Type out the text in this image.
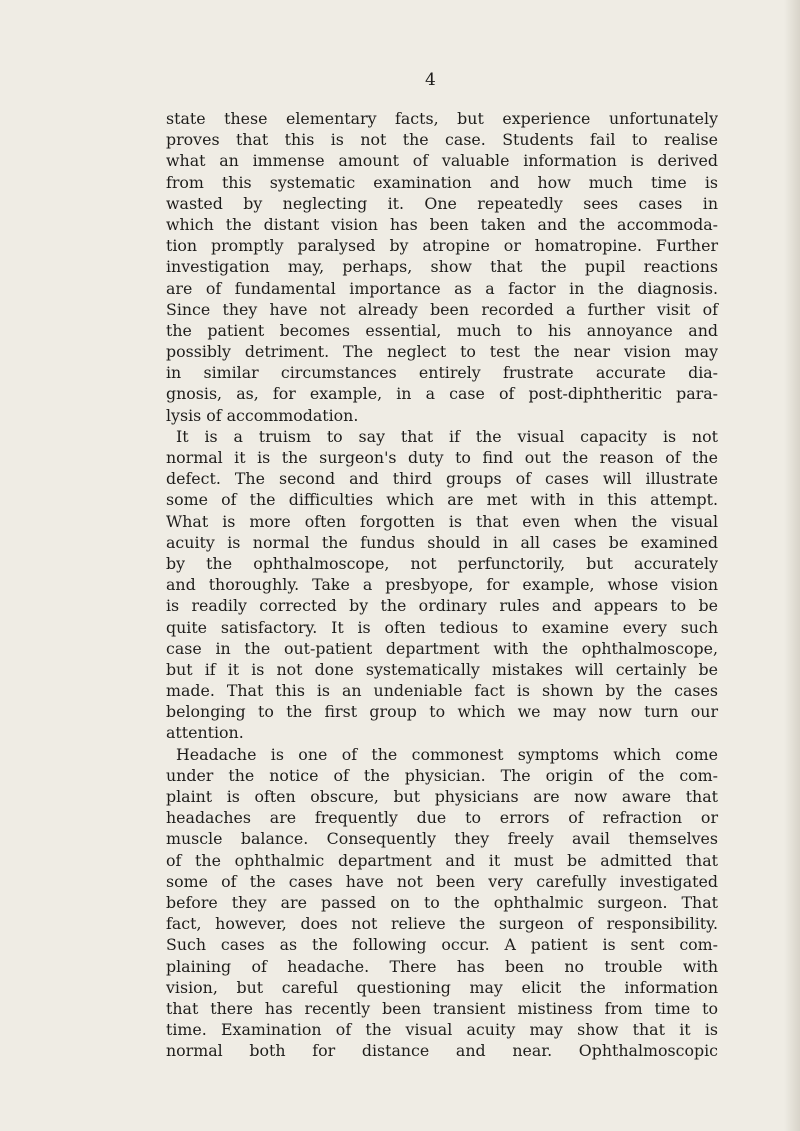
4

state these elementary facts, but experience unfortunately
proves that this is not the case. Students fail to realise
what an immense amount of valuable information is derived
from this systematic examination and how much time is
wasted by neglecting it. One repeatedly sees cases in
which the distant vision has been taken and the accommoda-
tion promptly paralysed by atropine or homatropine. Further
investigation may, perhaps, show that the pupil reactions
are of fundamental importance as a factor in the diagnosis.
Since they have not already been recorded a further visit of
the patient becomes essential, much to his annoyance and
possibly detriment. The neglect to test the near vision may
in similar circumstances entirely frustrate accurate dia-
gnosis, as, for example, in a case of post-diphtheritic para-
lysis of accommodation.
It is a truism to say that if the visual capacity is not
normal it is the surgeon's duty to find out the reason of the
defect. The second and third groups of cases will illustrate
some of the difficulties which are met with in this attempt.
What is more often forgotten is that even when the visual
acuity is normal the fundus should in all cases be examined
by the ophthalmoscope, not perfunctorily, but accurately
and thoroughly. Take a presbyope, for example, whose vision
is readily corrected by the ordinary rules and appears to be
quite satisfactory. It is often tedious to examine every such
case in the out-patient department with the ophthalmoscope,
but if it is not done systematically mistakes will certainly be
made. That this is an undeniable fact is shown by the cases
belonging to the first group to which we may now turn our
attention.
Headache is one of the commonest symptoms which come
under the notice of the physician. The origin of the com-
plaint is often obscure, but physicians are now aware that
headaches are frequently due to errors of refraction or
muscle balance. Consequently they freely avail themselves
of the ophthalmic department and it must be admitted that
some of the cases have not been very carefully investigated
before they are passed on to the ophthalmic surgeon. That
fact, however, does not relieve the surgeon of responsibility.
Such cases as the following occur. A patient is sent com-
plaining of headache. There has been no trouble with
vision, but careful questioning may elicit the information
that there has recently been transient mistiness from time to
time. Examination of the visual acuity may show that it is
normal both for distance and near. Ophthalmoscopic
